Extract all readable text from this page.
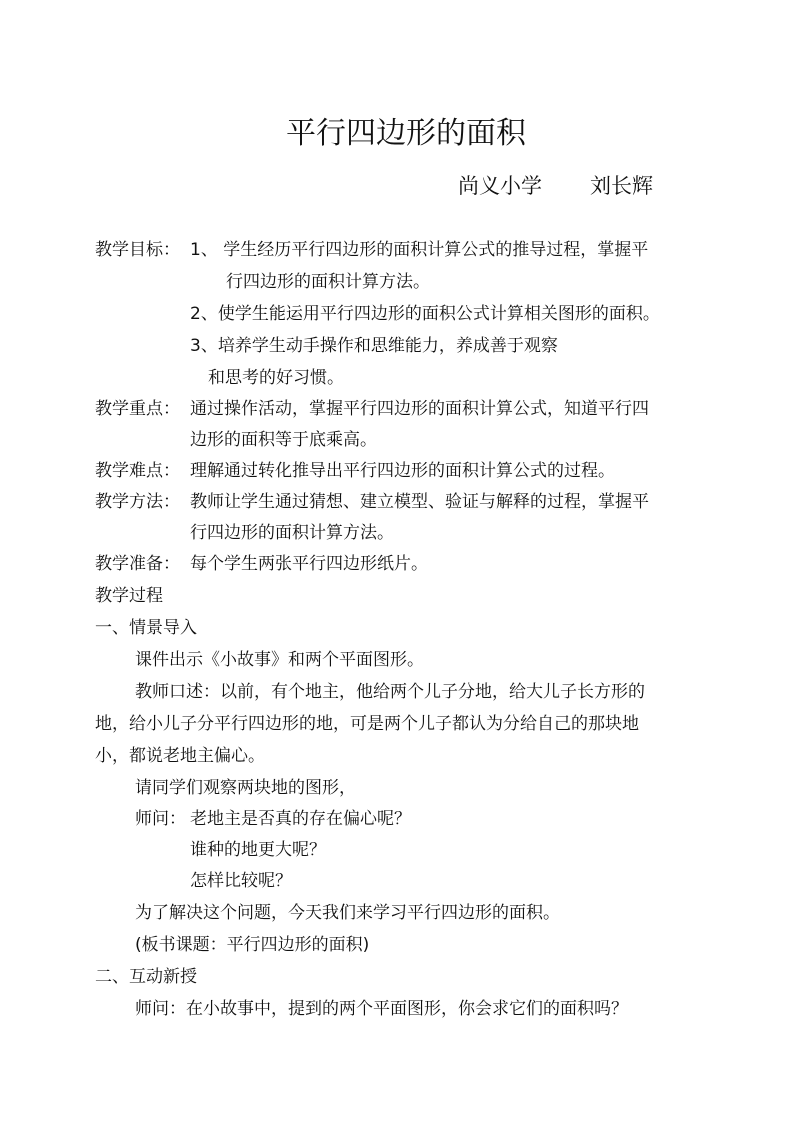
平行四边形的面积
尚义小学 刘长辉
教学目标： 1、 学生经历平行四边形的面积计算公式的推导过程，掌握平
行四边形的面积计算方法。
2、使学生能运用平行四边形的面积公式计算相关图形的面积。
3、培养学生动手操作和思维能力，养成善于观察
和思考的好习惯。
教学重点： 通过操作活动，掌握平行四边形的面积计算公式，知道平行四
边形的面积等于底乘高。
教学难点： 理解通过转化推导出平行四边形的面积计算公式的过程。
教学方法： 教师让学生通过猜想、建立模型、验证与解释的过程，掌握平
行四边形的面积计算方法。
教学准备： 每个学生两张平行四边形纸片。
教学过程
一、情景导入
课件出示《小故事》和两个平面图形。
教师口述：以前，有个地主，他给两个儿子分地，给大儿子长方形的
地，给小儿子分平行四边形的地，可是两个儿子都认为分给自己的那块地
小，都说老地主偏心。
请同学们观察两块地的图形，
师问： 老地主是否真的存在偏心呢？
谁种的地更大呢？
怎样比较呢？
为了解决这个问题，今天我们来学习平行四边形的面积。
(板书课题：平行四边形的面积)
二、互动新授
师问：在小故事中，提到的两个平面图形，你会求它们的面积吗？
